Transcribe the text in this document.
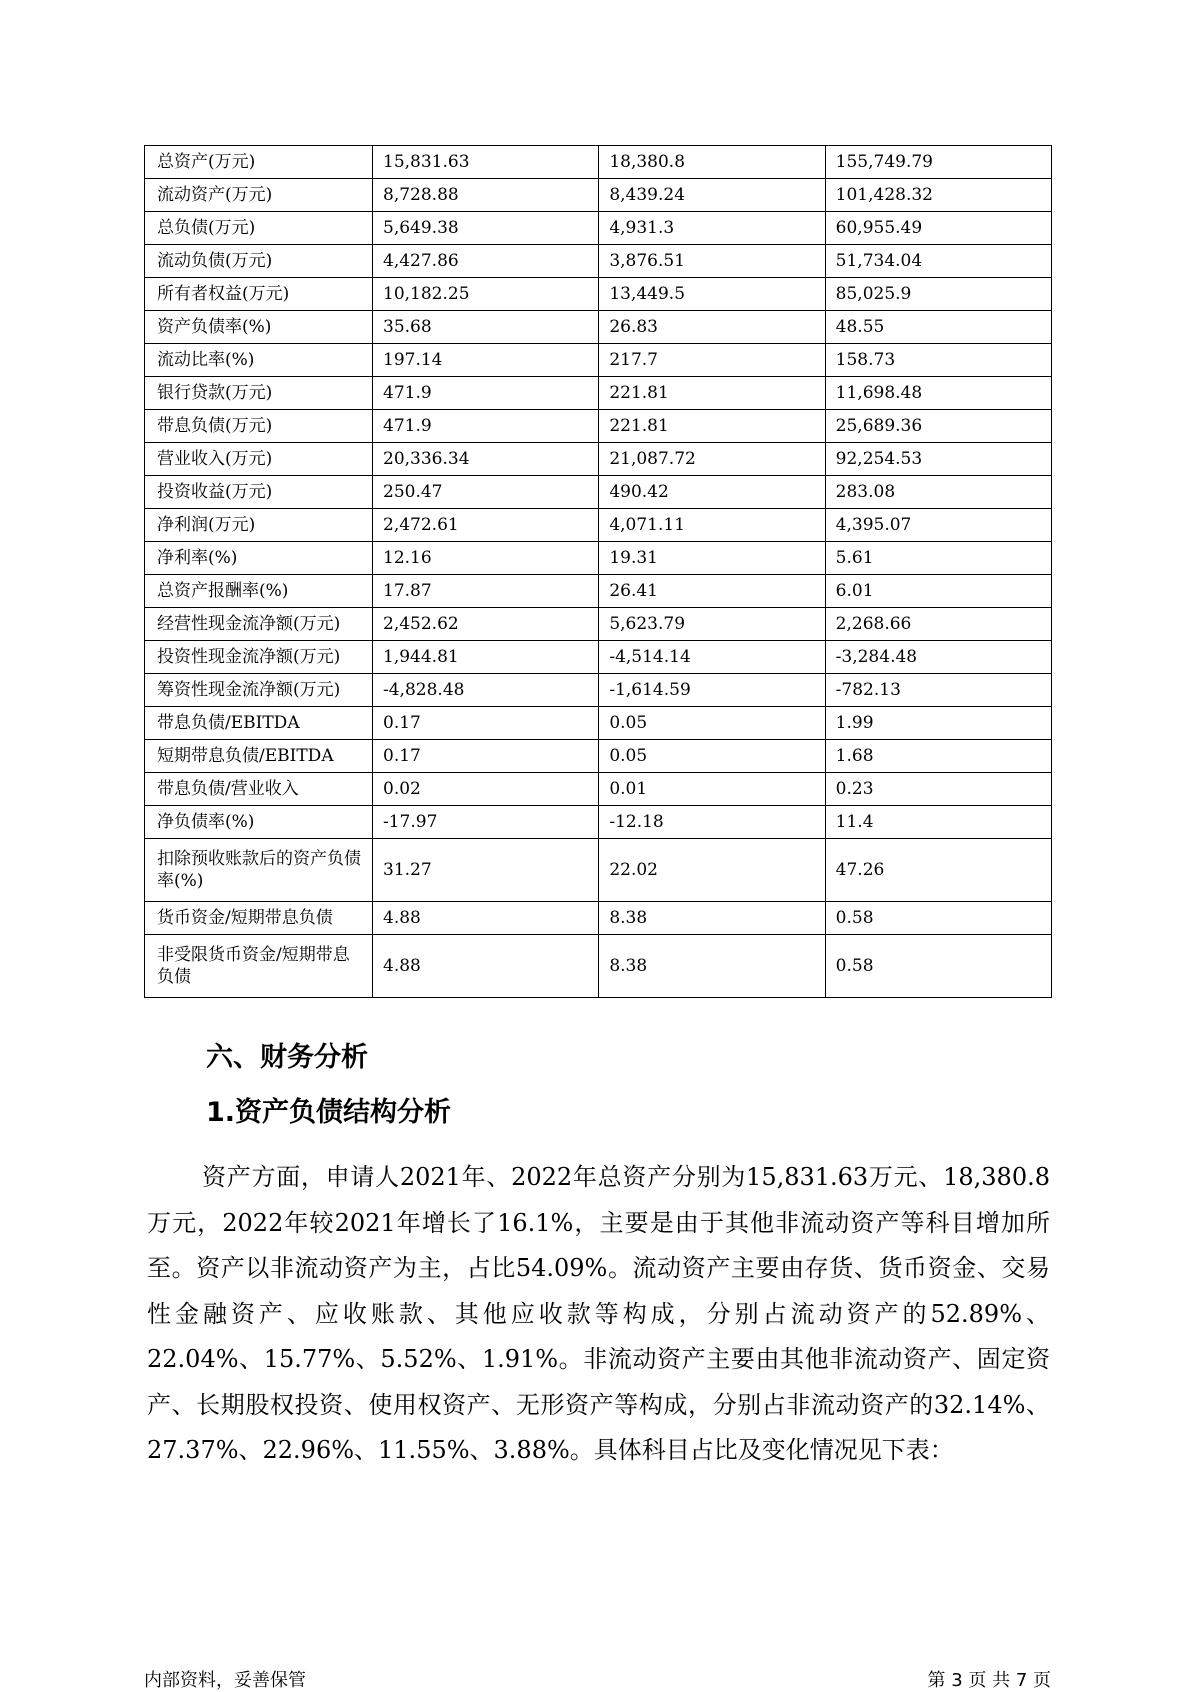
总资产(万元)	15,831.63	18,380.8	155,749.79
流动资产(万元)	8,728.88	8,439.24	101,428.32
总负债(万元)	5,649.38	4,931.3	60,955.49
流动负债(万元)	4,427.86	3,876.51	51,734.04
所有者权益(万元)	10,182.25	13,449.5	85,025.9
资产负债率(%)	35.68	26.83	48.55
流动比率(%)	197.14	217.7	158.73
银行贷款(万元)	471.9	221.81	11,698.48
带息负债(万元)	471.9	221.81	25,689.36
营业收入(万元)	20,336.34	21,087.72	92,254.53
投资收益(万元)	250.47	490.42	283.08
净利润(万元)	2,472.61	4,071.11	4,395.07
净利率(%)	12.16	19.31	5.61
总资产报酬率(%)	17.87	26.41	6.01
经营性现金流净额(万元)	2,452.62	5,623.79	2,268.66
投资性现金流净额(万元)	1,944.81	-4,514.14	-3,284.48
筹资性现金流净额(万元)	-4,828.48	-1,614.59	-782.13
带息负债/EBITDA	0.17	0.05	1.99
短期带息负债/EBITDA	0.17	0.05	1.68
带息负债/营业收入	0.02	0.01	0.23
净负债率(%)	-17.97	-12.18	11.4
扣除预收账款后的资产负债率(%)	31.27	22.02	47.26
货币资金/短期带息负债	4.88	8.38	0.58
非受限货币资金/短期带息负债	4.88	8.38	0.58
六、财务分析
1.资产负债结构分析

资产方面，申请人2021年、2022年总资产分别为15,831.63万元、18,380.8万元，2022年较2021年增长了16.1%，主要是由于其他非流动资产等科目增加所至。资产以非流动资产为主，占比54.09%。流动资产主要由存货、货币资金、交易性金融资产、应收账款、其他应收款等构成，分别占流动资产的52.89%、22.04%、15.77%、5.52%、1.91%。非流动资产主要由其他非流动资产、固定资产、长期股权投资、使用权资产、无形资产等构成，分别占非流动资产的32.14%、27.37%、22.96%、11.55%、3.88%。具体科目占比及变化情况见下表：

内部资料，妥善保管	第 3 页 共 7 页
